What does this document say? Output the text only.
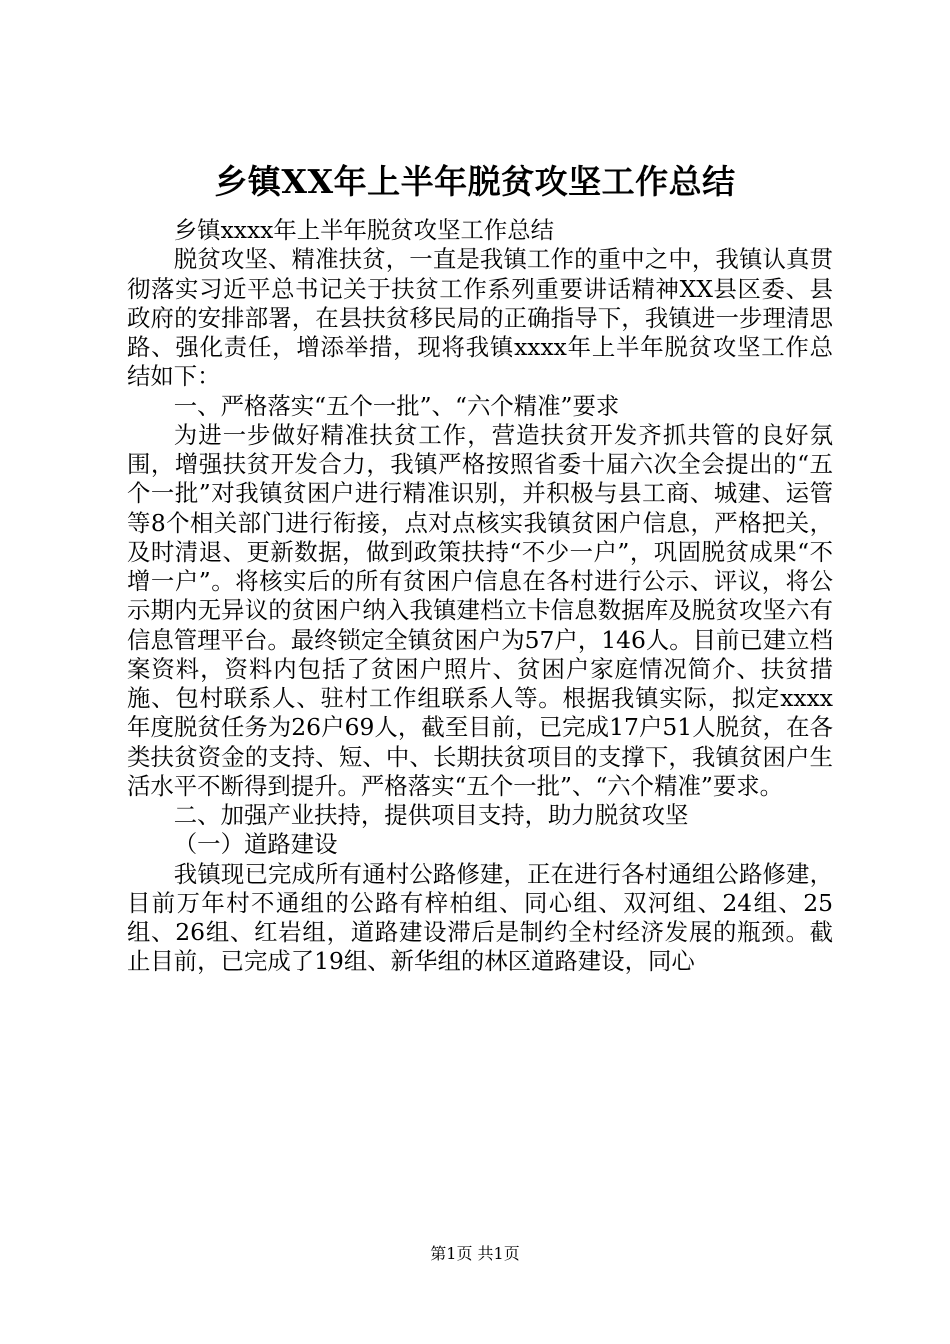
乡镇XX年上半年脱贫攻坚工作总结

乡镇xxxx年上半年脱贫攻坚工作总结

脱贫攻坚、精准扶贫，一直是我镇工作的重中之中，我镇认真贯彻落实习近平总书记关于扶贫工作系列重要讲话精神XX县区委、县政府的安排部署，在县扶贫移民局的正确指导下，我镇进一步理清思路、强化责任，增添举措，现将我镇xxxx年上半年脱贫攻坚工作总结如下：

一、严格落实“五个一批”、“六个精准”要求

为进一步做好精准扶贫工作，营造扶贫开发齐抓共管的良好氛围，增强扶贫开发合力，我镇严格按照省委十届六次全会提出的“五个一批”对我镇贫困户进行精准识别，并积极与县工商、城建、运管等8个相关部门进行衔接，点对点核实我镇贫困户信息，严格把关，及时清退、更新数据，做到政策扶持“不少一户”，巩固脱贫成果“不增一户”。将核实后的所有贫困户信息在各村进行公示、评议，将公示期内无异议的贫困户纳入我镇建档立卡信息数据库及脱贫攻坚六有信息管理平台。最终锁定全镇贫困户为57户，146人。目前已建立档案资料，资料内包括了贫困户照片、贫困户家庭情况简介、扶贫措施、包村联系人、驻村工作组联系人等。根据我镇实际，拟定xxxx年度脱贫任务为26户69人，截至目前，已完成17户51人脱贫，在各类扶贫资金的支持、短、中、长期扶贫项目的支撑下，我镇贫困户生活水平不断得到提升。严格落实“五个一批”、“六个精准”要求。

二、加强产业扶持，提供项目支持，助力脱贫攻坚

（一）道路建设

我镇现已完成所有通村公路修建，正在进行各村通组公路修建，目前万年村不通组的公路有梓柏组、同心组、双河组、24组、25组、26组、红岩组，道路建设滞后是制约全村经济发展的瓶颈。截止目前，已完成了19组、新华组的林区道路建设，同心

第1页 共1页
